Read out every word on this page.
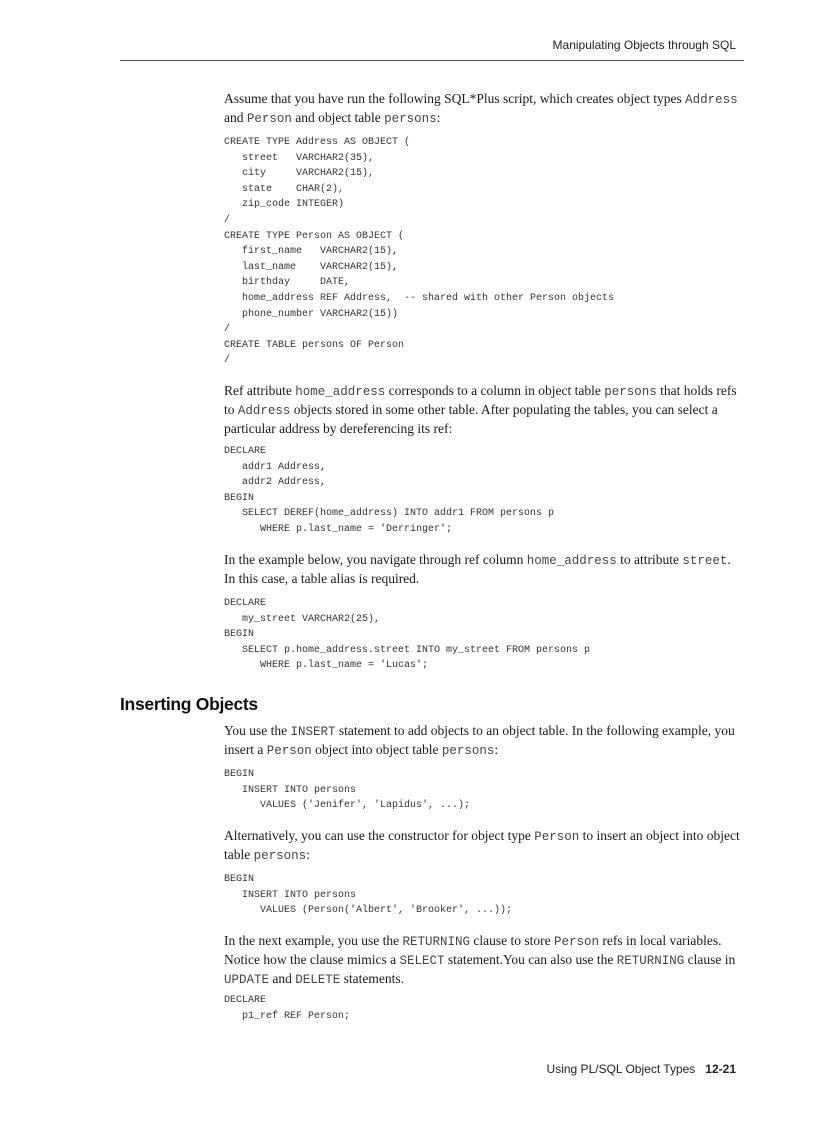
Manipulating Objects through SQL

Assume that you have run the following SQL*Plus script, which creates object types Address and Person and object table persons:

CREATE TYPE Address AS OBJECT (
street   VARCHAR2(35),
city     VARCHAR2(15),
state    CHAR(2),
zip_code INTEGER)
/
CREATE TYPE Person AS OBJECT (
first_name   VARCHAR2(15),
last_name    VARCHAR2(15),
birthday     DATE,
home_address REF Address,  -- shared with other Person objects
phone_number VARCHAR2(15))
/
CREATE TABLE persons OF Person
/

Ref attribute home_address corresponds to a column in object table persons that holds refs to Address objects stored in some other table. After populating the tables, you can select a particular address by dereferencing its ref:

DECLARE
addr1 Address,
addr2 Address,
BEGIN
SELECT DEREF(home_address) INTO addr1 FROM persons p
WHERE p.last_name = 'Derringer';

In the example below, you navigate through ref column home_address to attribute street. In this case, a table alias is required.

DECLARE
my_street VARCHAR2(25),
BEGIN
SELECT p.home_address.street INTO my_street FROM persons p
WHERE p.last_name = 'Lucas';
Inserting Objects

You use the INSERT statement to add objects to an object table. In the following example, you insert a Person object into object table persons:

BEGIN
INSERT INTO persons
VALUES ('Jenifer', 'Lapidus', ...);

Alternatively, you can use the constructor for object type Person to insert an object into object table persons:

BEGIN
INSERT INTO persons
VALUES (Person('Albert', 'Brooker', ...));

In the next example, you use the RETURNING clause to store Person refs in local variables. Notice how the clause mimics a SELECT statement.You can also use the RETURNING clause in UPDATE and DELETE statements.

DECLARE
p1_ref REF Person;
Using PL/SQL Object Types 12-21
